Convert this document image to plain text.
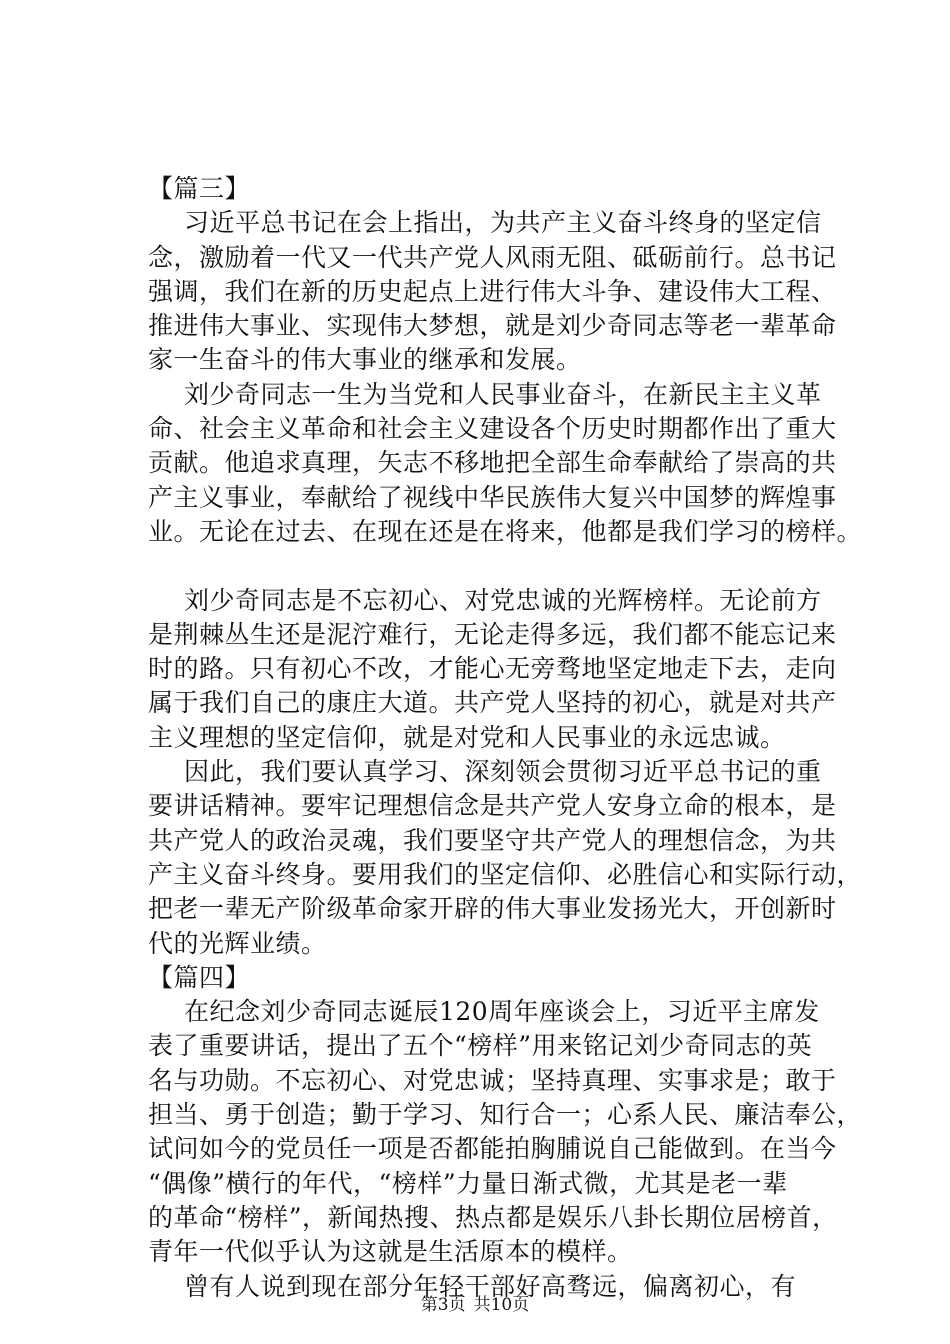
【篇三】
习近平总书记在会上指出，为共产主义奋斗终身的坚定信
念，激励着一代又一代共产党人风雨无阻、砥砺前行。总书记
强调，我们在新的历史起点上进行伟大斗争、建设伟大工程、
推进伟大事业、实现伟大梦想，就是刘少奇同志等老一辈革命
家一生奋斗的伟大事业的继承和发展。
刘少奇同志一生为当党和人民事业奋斗，在新民主主义革
命、社会主义革命和社会主义建设各个历史时期都作出了重大
贡献。他追求真理，矢志不移地把全部生命奉献给了崇高的共
产主义事业，奉献给了视线中华民族伟大复兴中国梦的辉煌事
业。无论在过去、在现在还是在将来，他都是我们学习的榜样。
刘少奇同志是不忘初心、对党忠诚的光辉榜样。无论前方
是荆棘丛生还是泥泞难行，无论走得多远，我们都不能忘记来
时的路。只有初心不改，才能心无旁骛地坚定地走下去，走向
属于我们自己的康庄大道。共产党人坚持的初心，就是对共产
主义理想的坚定信仰，就是对党和人民事业的永远忠诚。
因此，我们要认真学习、深刻领会贯彻习近平总书记的重
要讲话精神。要牢记理想信念是共产党人安身立命的根本，是
共产党人的政治灵魂，我们要坚守共产党人的理想信念，为共
产主义奋斗终身。要用我们的坚定信仰、必胜信心和实际行动，
把老一辈无产阶级革命家开辟的伟大事业发扬光大，开创新时
代的光辉业绩。
【篇四】
在纪念刘少奇同志诞辰120周年座谈会上，习近平主席发
表了重要讲话，提出了五个“榜样”用来铭记刘少奇同志的英
名与功勋。不忘初心、对党忠诚；坚持真理、实事求是；敢于
担当、勇于创造；勤于学习、知行合一；心系人民、廉洁奉公，
试问如今的党员任一项是否都能拍胸脯说自己能做到。在当今
“偶像”横行的年代，“榜样”力量日渐式微，尤其是老一辈
的革命“榜样”，新闻热搜、热点都是娱乐八卦长期位居榜首，
青年一代似乎认为这就是生活原本的模样。
曾有人说到现在部分年轻干部好高骛远，偏离初心，有
第3页 共10页
